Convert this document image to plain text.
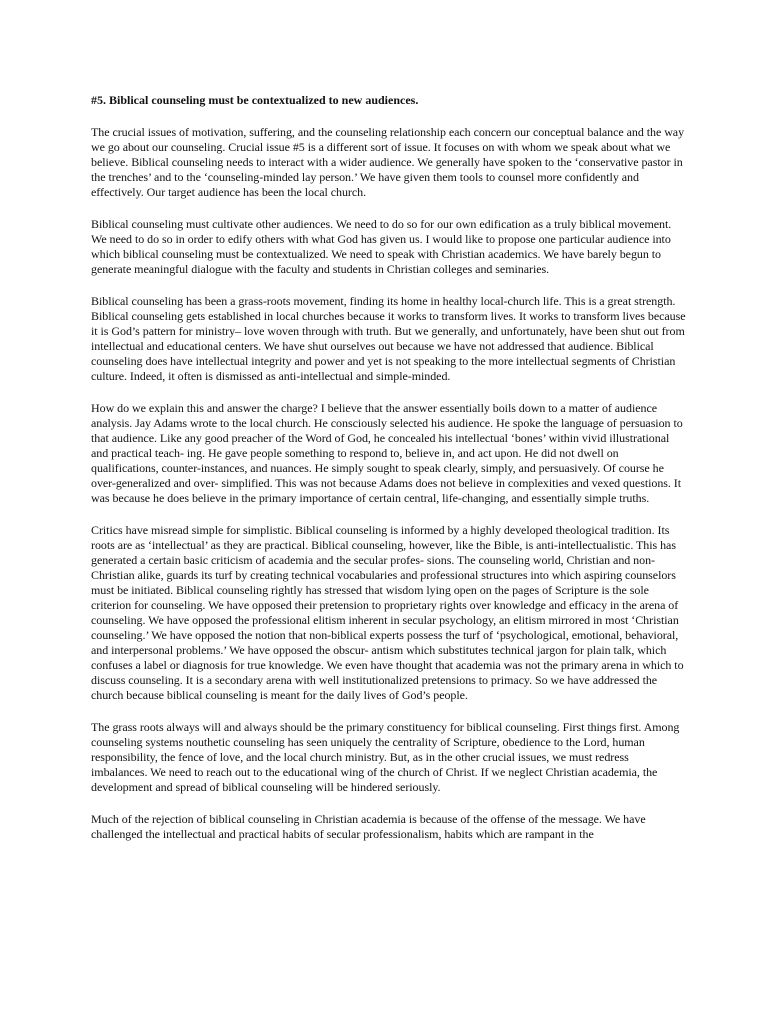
#5. Biblical counseling must be contextualized to new audiences.

The crucial issues of motivation, suffering, and the counseling relationship each concern our conceptual balance and the way we go about our counseling. Crucial issue #5 is a different sort of issue. It focuses on with whom we speak about what we believe. Biblical counseling needs to interact with a wider audience. We generally have spoken to the ‘conservative pastor in the trenches’ and to the ‘counseling-minded lay person.’ We have given them tools to counsel more confidently and effectively. Our target audience has been the local church.

Biblical counseling must cultivate other audiences. We need to do so for our own edification as a truly biblical movement. We need to do so in order to edify others with what God has given us. I would like to propose one particular audience into which biblical counseling must be contextualized. We need to speak with Christian academics. We have barely begun to generate meaningful dialogue with the faculty and students in Christian colleges and seminaries.

Biblical counseling has been a grass-roots movement, finding its home in healthy local-church life. This is a great strength. Biblical counseling gets established in local churches because it works to transform lives. It works to transform lives because it is God’s pattern for ministry– love woven through with truth. But we generally, and unfortunately, have been shut out from intellectual and educational centers. We have shut ourselves out because we have not addressed that audience. Biblical counseling does have intellectual integrity and power and yet is not speaking to the more intellectual segments of Christian culture. Indeed, it often is dismissed as anti-intellectual and simple-minded.

How do we explain this and answer the charge? I believe that the answer essentially boils down to a matter of audience analysis. Jay Adams wrote to the local church. He consciously selected his audience. He spoke the language of persuasion to that audience. Like any good preacher of the Word of God, he concealed his intellectual ‘bones’ within vivid illustrational and practical teach- ing. He gave people something to respond to, believe in, and act upon. He did not dwell on qualifications, counter-instances, and nuances. He simply sought to speak clearly, simply, and persuasively. Of course he over-generalized and over- simplified. This was not because Adams does not believe in complexities and vexed questions. It was because he does believe in the primary importance of certain central, life-changing, and essentially simple truths.

Critics have misread simple for simplistic. Biblical counseling is informed by a highly developed theological tradition. Its roots are as ‘intellectual’ as they are practical. Biblical counseling, however, like the Bible, is anti-intellectualistic. This has generated a certain basic criticism of academia and the secular profes- sions. The counseling world, Christian and non-Christian alike, guards its turf by creating technical vocabularies and professional structures into which aspiring counselors must be initiated. Biblical counseling rightly has stressed that wisdom lying open on the pages of Scripture is the sole criterion for counseling. We have opposed their pretension to proprietary rights over knowledge and efficacy in the arena of counseling. We have opposed the professional elitism inherent in secular psychology, an elitism mirrored in most ‘Christian counseling.’ We have opposed the notion that non-biblical experts possess the turf of ‘psychological, emotional, behavioral, and interpersonal problems.’ We have opposed the obscur- antism which substitutes technical jargon for plain talk, which confuses a label or diagnosis for true knowledge. We even have thought that academia was not the primary arena in which to discuss counseling. It is a secondary arena with well institutionalized pretensions to primacy. So we have addressed the church because biblical counseling is meant for the daily lives of God’s people.

The grass roots always will and always should be the primary constituency for biblical counseling. First things first. Among counseling systems nouthetic counseling has seen uniquely the centrality of Scripture, obedience to the Lord, human responsibility, the fence of love, and the local church ministry. But, as in the other crucial issues, we must redress imbalances. We need to reach out to the educational wing of the church of Christ. If we neglect Christian academia, the development and spread of biblical counseling will be hindered seriously.

Much of the rejection of biblical counseling in Christian academia is because of the offense of the message. We have challenged the intellectual and practical habits of secular professionalism, habits which are rampant in the
